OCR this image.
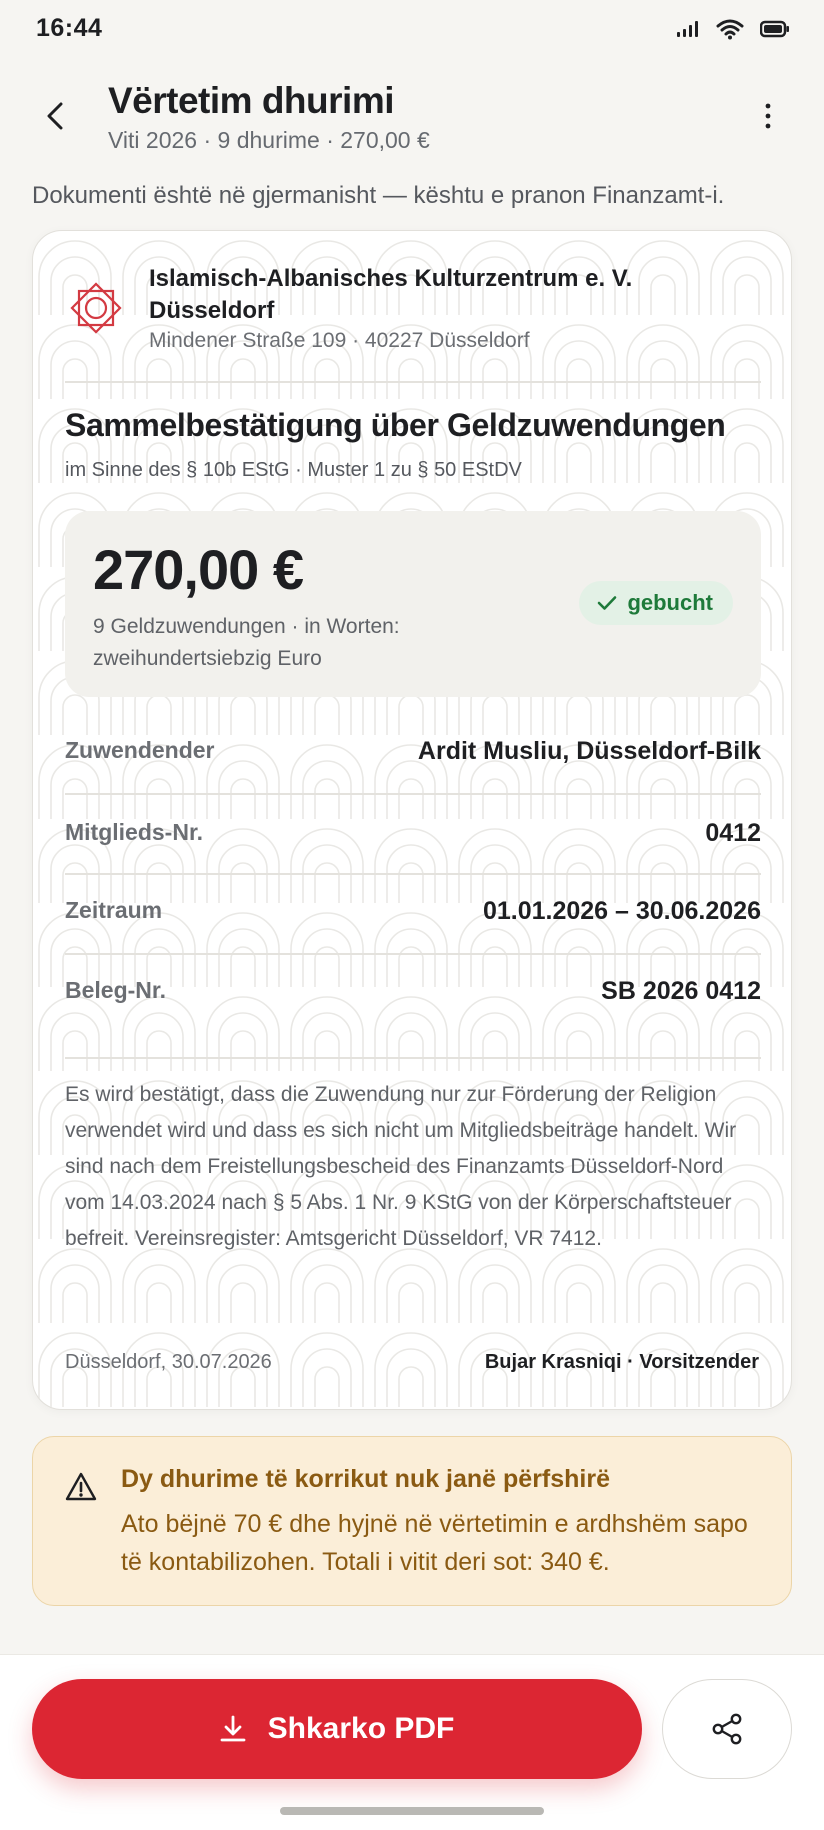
16:44
Vërtetim dhurimi
Viti 2026 · 9 dhurime · 270,00 €
Dokumenti është në gjermanisht — kështu e pranon Finanzamt-i.
Islamisch-Albanisches Kulturzentrum e. V. Düsseldorf
Mindener Straße 109 · 40227 Düsseldorf
Sammelbestätigung über Geldzuwendungen
im Sinne des § 10b EStG · Muster 1 zu § 50 EStDV
270,00 €
9 Geldzuwendungen · in Worten: zweihundertsiebzig Euro
gebucht
Zuwendender	Ardit Musliu, Düsseldorf-Bilk
Mitglieds-Nr.	0412
Zeitraum	01.01.2026 – 30.06.2026
Beleg-Nr.	SB 2026 0412
Es wird bestätigt, dass die Zuwendung nur zur Förderung der Religion verwendet wird und dass es sich nicht um Mitgliedsbeiträge handelt. Wir sind nach dem Freistellungsbescheid des Finanzamts Düsseldorf-Nord vom 14.03.2024 nach § 5 Abs. 1 Nr. 9 KStG von der Körperschaftsteuer befreit. Vereinsregister: Amtsgericht Düsseldorf, VR 7412.
Düsseldorf, 30.07.2026	Bujar Krasniqi · Vorsitzender
Dy dhurime të korrikut nuk janë përfshirë
Ato bëjnë 70 € dhe hyjnë në vërtetimin e ardhshëm sapo të kontabilizohen. Totali i vitit deri sot: 340 €.
Shkarko PDF
